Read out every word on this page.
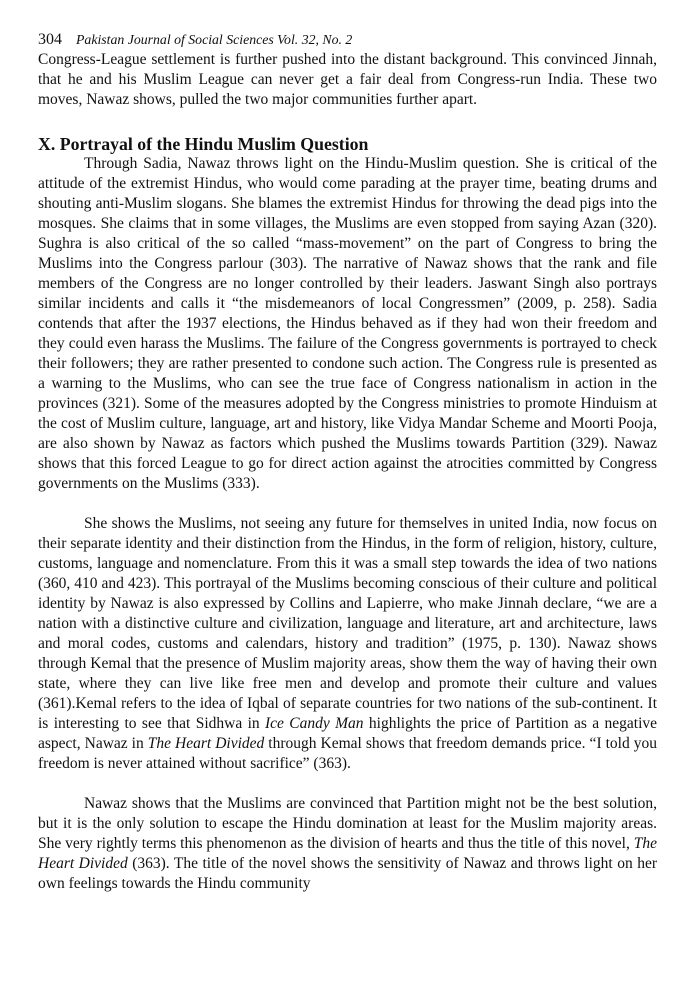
304 Pakistan Journal of Social Sciences Vol. 32, No. 2

Congress-League settlement is further pushed into the distant background. This convinced Jinnah, that he and his Muslim League can never get a fair deal from Congress-run India. These two moves, Nawaz shows, pulled the two major communities further apart.

X. Portrayal of the Hindu Muslim Question

Through Sadia, Nawaz throws light on the Hindu-Muslim question. She is critical of the attitude of the extremist Hindus, who would come parading at the prayer time, beating drums and shouting anti-Muslim slogans. She blames the extremist Hindus for throwing the dead pigs into the mosques. She claims that in some villages, the Muslims are even stopped from saying Azan (320). Sughra is also critical of the so called “mass-movement” on the part of Congress to bring the Muslims into the Congress parlour (303). The narrative of Nawaz shows that the rank and file members of the Congress are no longer controlled by their leaders. Jaswant Singh also portrays similar incidents and calls it “the misdemeanors of local Congressmen” (2009, p. 258). Sadia contends that after the 1937 elections, the Hindus behaved as if they had won their freedom and they could even harass the Muslims. The failure of the Congress governments is portrayed to check their followers; they are rather presented to condone such action. The Congress rule is presented as a warning to the Muslims, who can see the true face of Congress nationalism in action in the provinces (321). Some of the measures adopted by the Congress ministries to promote Hinduism at the cost of Muslim culture, language, art and history, like Vidya Mandar Scheme and Moorti Pooja, are also shown by Nawaz as factors which pushed the Muslims towards Partition (329). Nawaz shows that this forced League to go for direct action against the atrocities committed by Congress governments on the Muslims (333).

She shows the Muslims, not seeing any future for themselves in united India, now focus on their separate identity and their distinction from the Hindus, in the form of religion, history, culture, customs, language and nomenclature. From this it was a small step towards the idea of two nations (360, 410 and 423). This portrayal of the Muslims becoming conscious of their culture and political identity by Nawaz is also expressed by Collins and Lapierre, who make Jinnah declare, “we are a nation with a distinctive culture and civilization, language and literature, art and architecture, laws and moral codes, customs and calendars, history and tradition” (1975, p. 130). Nawaz shows through Kemal that the presence of Muslim majority areas, show them the way of having their own state, where they can live like free men and develop and promote their culture and values (361).Kemal refers to the idea of Iqbal of separate countries for two nations of the sub-continent. It is interesting to see that Sidhwa in Ice Candy Man highlights the price of Partition as a negative aspect, Nawaz in The Heart Divided through Kemal shows that freedom demands price. “I told you freedom is never attained without sacrifice” (363).

Nawaz shows that the Muslims are convinced that Partition might not be the best solution, but it is the only solution to escape the Hindu domination at least for the Muslim majority areas. She very rightly terms this phenomenon as the division of hearts and thus the title of this novel, The Heart Divided (363). The title of the novel shows the sensitivity of Nawaz and throws light on her own feelings towards the Hindu community
